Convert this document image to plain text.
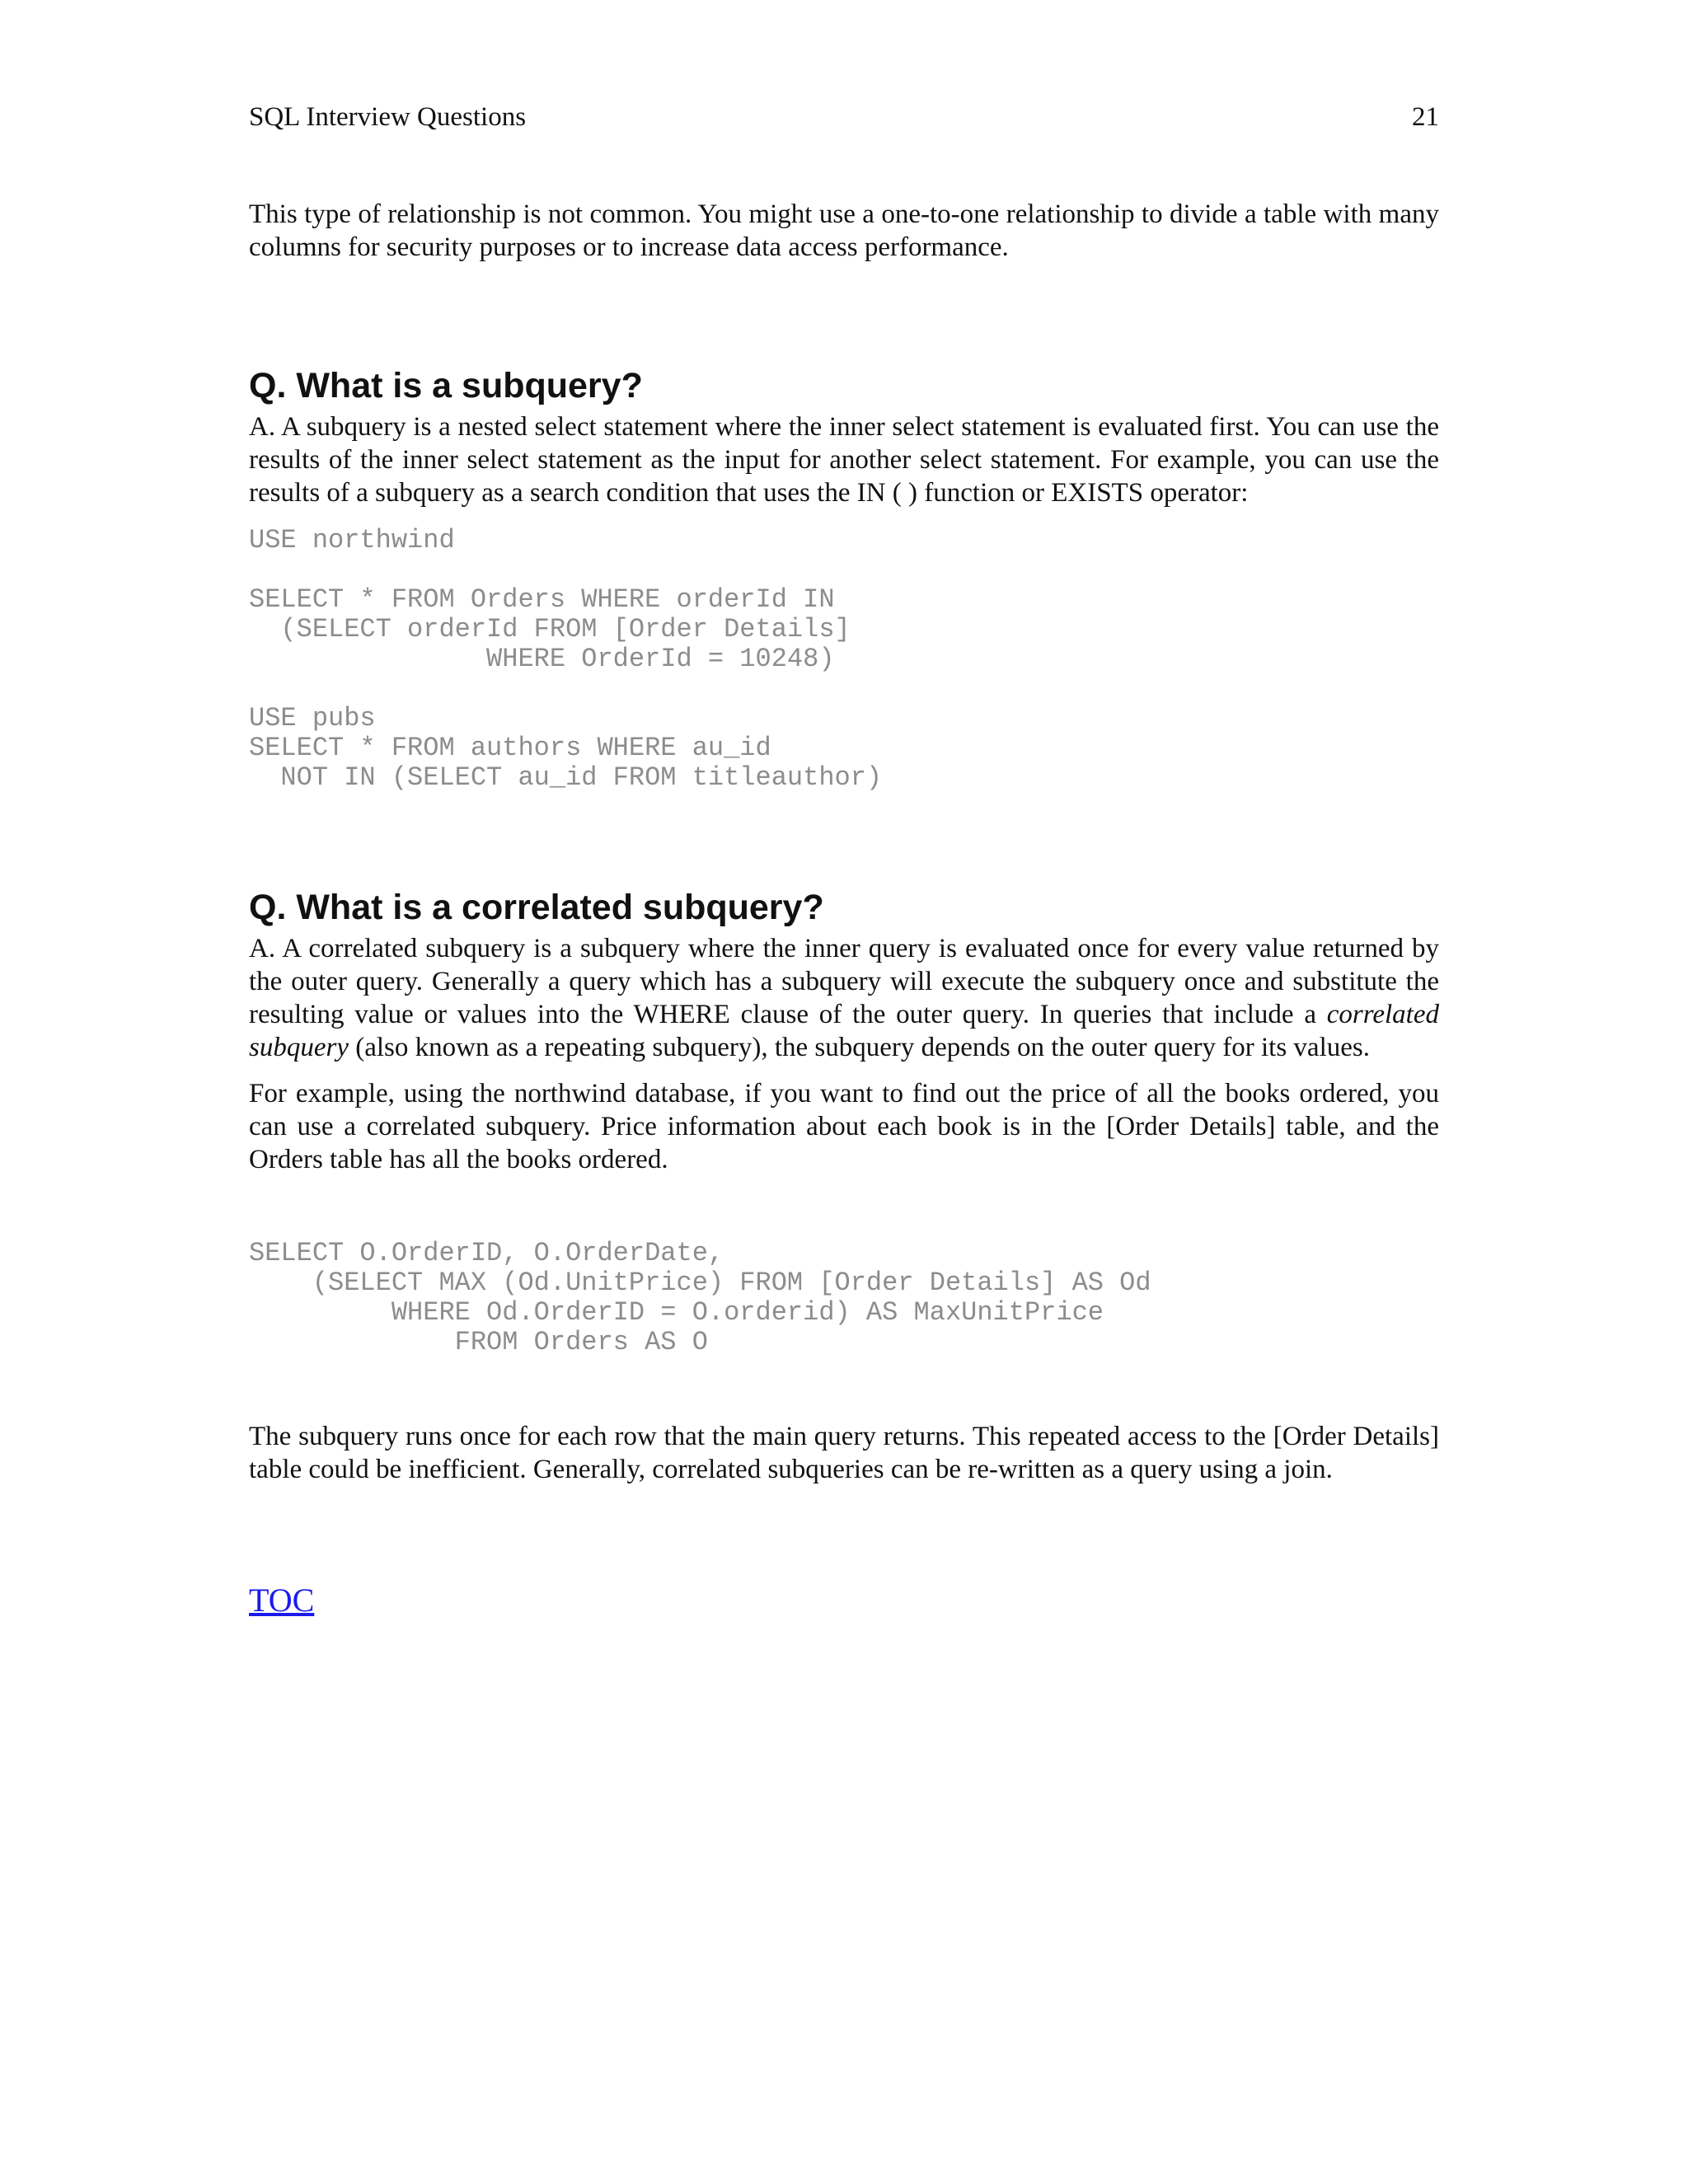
SQL Interview Questions	21

This type of relationship is not common. You might use a one-to-one relationship to divide a table with many columns for security purposes or to increase data access performance.

Q. What is a subquery?

A. A subquery is a nested select statement where the inner select statement is evaluated first. You can use the results of the inner select statement as the input for another select statement. For example, you can use the results of a subquery as a search condition that uses the IN ( ) function or EXISTS operator:

USE northwind

SELECT * FROM Orders WHERE orderId IN
(SELECT orderId FROM [Order Details]
WHERE OrderId = 10248)

USE pubs
SELECT * FROM authors WHERE au_id
NOT IN (SELECT au_id FROM titleauthor)
Q. What is a correlated subquery?

A. A correlated subquery is a subquery where the inner query is evaluated once for every value returned by the outer query. Generally a query which has a subquery will execute the subquery once and substitute the resulting value or values into the WHERE clause of the outer query. In queries that include a correlated subquery (also known as a repeating subquery), the subquery depends on the outer query for its values.

For example, using the northwind database, if you want to find out the price of all the books ordered, you can use a correlated subquery. Price information about each book is in the [Order Details] table, and the Orders table has all the books ordered.

SELECT O.OrderID, O.OrderDate,
(SELECT MAX (Od.UnitPrice) FROM [Order Details] AS Od
WHERE Od.OrderID = O.orderid) AS MaxUnitPrice
FROM Orders AS O

The subquery runs once for each row that the main query returns. This repeated access to the [Order Details] table could be inefficient. Generally, correlated subqueries can be re-written as a query using a join.

TOC
